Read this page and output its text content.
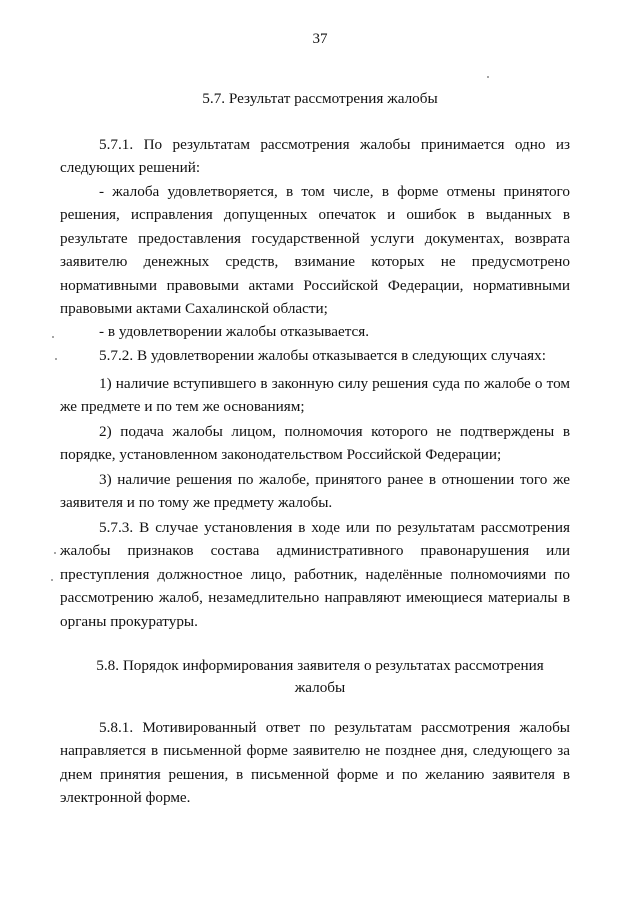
37
5.7. Результат рассмотрения жалобы

5.7.1. По результатам рассмотрения жалобы принимается одно из следующих решений:

- жалоба удовлетворяется, в том числе, в форме отмены принятого решения, исправления допущенных опечаток и ошибок в выданных в результате предоставления государственной услуги документах, возврата заявителю денежных средств, взимание которых не предусмотрено нормативными правовыми актами Российской Федерации, нормативными правовыми актами Сахалинской области;

- в удовлетворении жалобы отказывается.

5.7.2. В удовлетворении жалобы отказывается в следующих случаях:

1) наличие вступившего в законную силу решения суда по жалобе о том же предмете и по тем же основаниям;

2) подача жалобы лицом, полномочия которого не подтверждены в порядке, установленном законодательством Российской Федерации;

3) наличие решения по жалобе, принятого ранее в отношении того же заявителя и по тому же предмету жалобы.

5.7.3. В случае установления в ходе или по результатам рассмотрения жалобы признаков состава административного правонарушения или преступления должностное лицо, работник, наделённые полномочиями по рассмотрению жалоб, незамедлительно направляют имеющиеся материалы в органы прокуратуры.

5.8. Порядок информирования заявителя о результатах рассмотрения
жалобы

5.8.1. Мотивированный ответ по результатам рассмотрения жалобы направляется в письменной форме заявителю не позднее дня, следующего за днем принятия решения, в письменной форме и по желанию заявителя в электронной форме.
